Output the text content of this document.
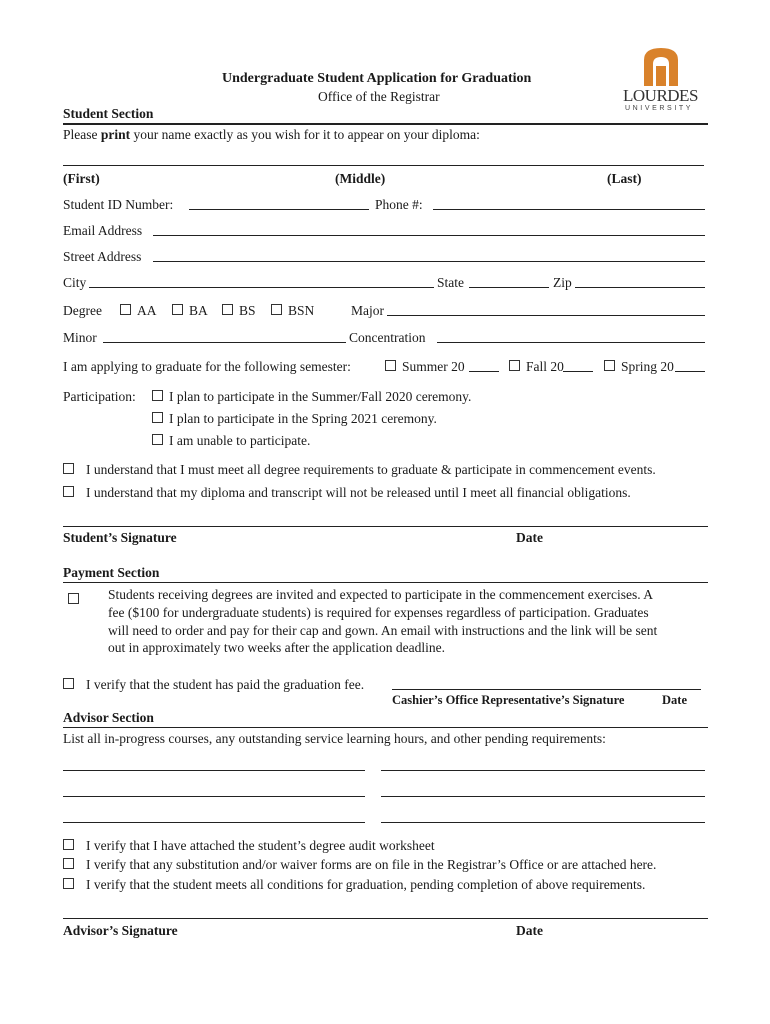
Undergraduate Student Application for Graduation
Office of the Registrar	LOURDES
UNIVERSITY
Student Section
Please print your name exactly as you wish for it to appear on your diploma:
(First)	(Middle)	(Last)
Student ID Number:	Phone #:
Email Address
Street Address
City	State	Zip
Degree	AA	BA	BS	BSN	Major
Minor	Concentration
I am applying to graduate for the following semester:	Summer 20	Fall 20	Spring 20
Participation:	I plan to participate in the Summer/Fall 2020 ceremony.
I plan to participate in the Spring 2021 ceremony.
I am unable to participate.
I understand that I must meet all degree requirements to graduate & participate in commencement events.
I understand that my diploma and transcript will not be released until I meet all financial obligations.
Student’s Signature	Date
Payment Section
Students receiving degrees are invited and expected to participate in the commencement exercises. A
fee ($100 for undergraduate students) is required for expenses regardless of participation. Graduates
will need to order and pay for their cap and gown. An email with instructions and the link will be sent
out in approximately two weeks after the application deadline.
I verify that the student has paid the graduation fee.
Cashier’s Office Representative’s Signature	Date
Advisor Section
List all in-progress courses, any outstanding service learning hours, and other pending requirements:
I verify that I have attached the student’s degree audit worksheet
I verify that any substitution and/or waiver forms are on file in the Registrar’s Office or are attached here.
I verify that the student meets all conditions for graduation, pending completion of above requirements.
Advisor’s Signature	Date
